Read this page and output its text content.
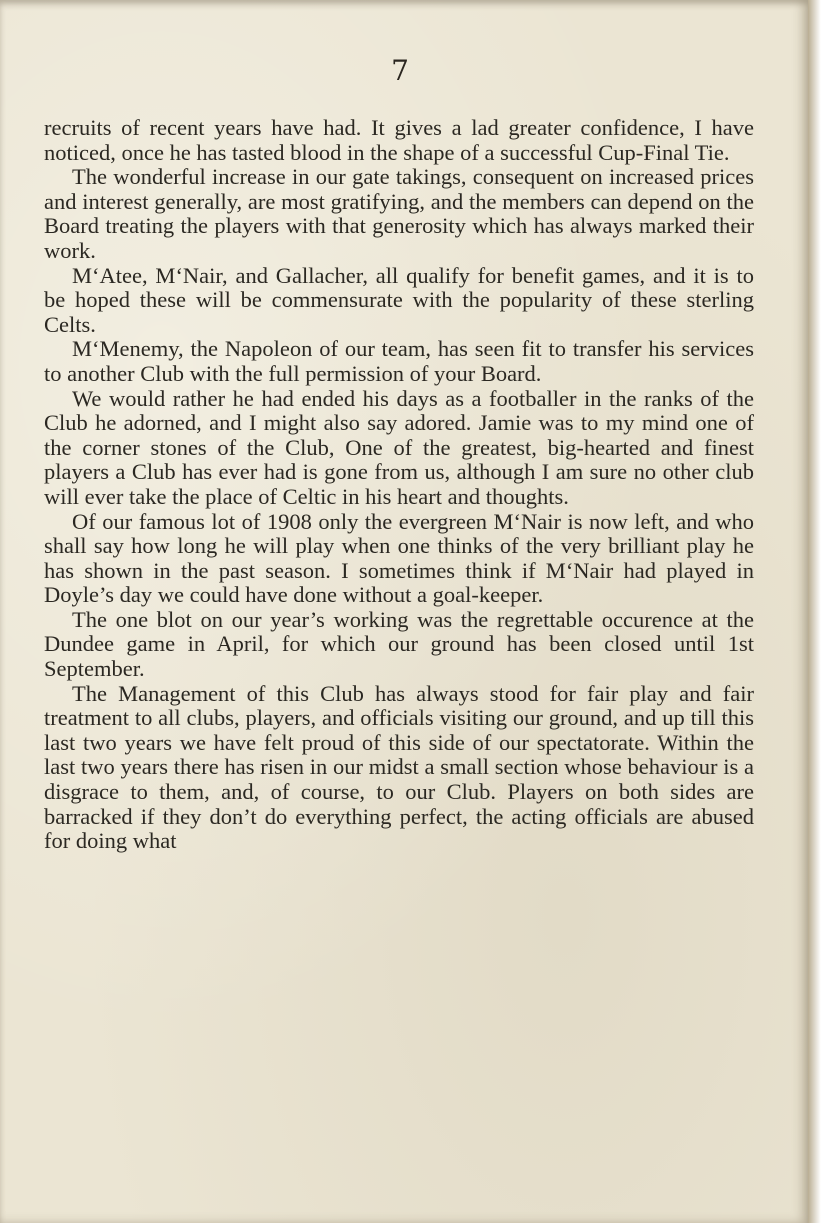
7

recruits of recent years have had. It gives a lad greater confidence, I have noticed, once he has tasted blood in the shape of a successful Cup-Final Tie.

The wonderful increase in our gate takings, consequent on increased prices and interest generally, are most gratifying, and the members can depend on the Board treating the players with that generosity which has always marked their work.

M‘Atee, M‘Nair, and Gallacher, all qualify for benefit games, and it is to be hoped these will be commensurate with the popularity of these sterling Celts.

M‘Menemy, the Napoleon of our team, has seen fit to transfer his services to another Club with the full permission of your Board.

We would rather he had ended his days as a footballer in the ranks of the Club he adorned, and I might also say adored. Jamie was to my mind one of the corner stones of the Club, One of the greatest, big-hearted and finest players a Club has ever had is gone from us, although I am sure no other club will ever take the place of Celtic in his heart and thoughts.

Of our famous lot of 1908 only the evergreen M‘Nair is now left, and who shall say how long he will play when one thinks of the very brilliant play he has shown in the past season. I sometimes think if M‘Nair had played in Doyle’s day we could have done without a goal-keeper.

The one blot on our year’s working was the regrettable occurence at the Dundee game in April, for which our ground has been closed until 1st September.

The Management of this Club has always stood for fair play and fair treatment to all clubs, players, and officials visiting our ground, and up till this last two years we have felt proud of this side of our spectatorate. Within the last two years there has risen in our midst a small section whose behaviour is a disgrace to them, and, of course, to our Club. Players on both sides are barracked if they don’t do everything perfect, the acting officials are abused for doing what
